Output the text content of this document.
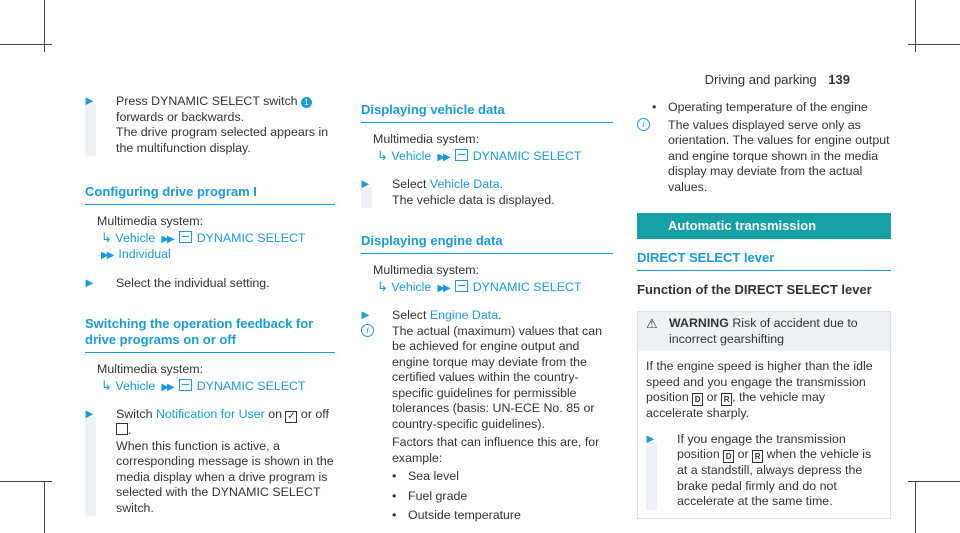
Driving and parking 139
► Press DYNAMIC SELECT switch 1 forwards or backwards.
The drive program selected appears in the multifunction display.
Configuring drive program I
Multimedia system:
↳ Vehicle ▶▶ DYNAMIC SELECT
▶▶ Individual
► Select the individual setting.
Switching the operation feedback for drive programs on or off
Multimedia system:
↳ Vehicle ▶▶ DYNAMIC SELECT
► Switch Notification for User on ✓ or off .
When this function is active, a corresponding message is shown in the media display when a drive program is selected with the DYNAMIC SELECT switch.
Displaying vehicle data
Multimedia system:
↳ Vehicle ▶▶ DYNAMIC SELECT
► Select Vehicle Data.
The vehicle data is displayed.
Displaying engine data
Multimedia system:
↳ Vehicle ▶▶ DYNAMIC SELECT
► Select Engine Data.
i	The actual (maximum) values that can be achieved for engine output and engine torque may deviate from the certified values within the country-specific guidelines for permissible tolerances (basis: UN-ECE No. 85 or country-specific guidelines).
Factors that can influence this are, for example:
• Sea level
• Fuel grade
• Outside temperature
• Operating temperature of the engine
i	The values displayed serve only as orientation. The values for engine output and engine torque shown in the media display may deviate from the actual values.
Automatic transmission
DIRECT SELECT lever
Function of the DIRECT SELECT lever
⚠ WARNING Risk of accident due to incorrect gearshifting
If the engine speed is higher than the idle speed and you engage the transmission position D or R , the vehicle may accelerate sharply.
► If you engage the transmission position D or R when the vehicle is at a standstill, always depress the brake pedal firmly and do not accelerate at the same time.
